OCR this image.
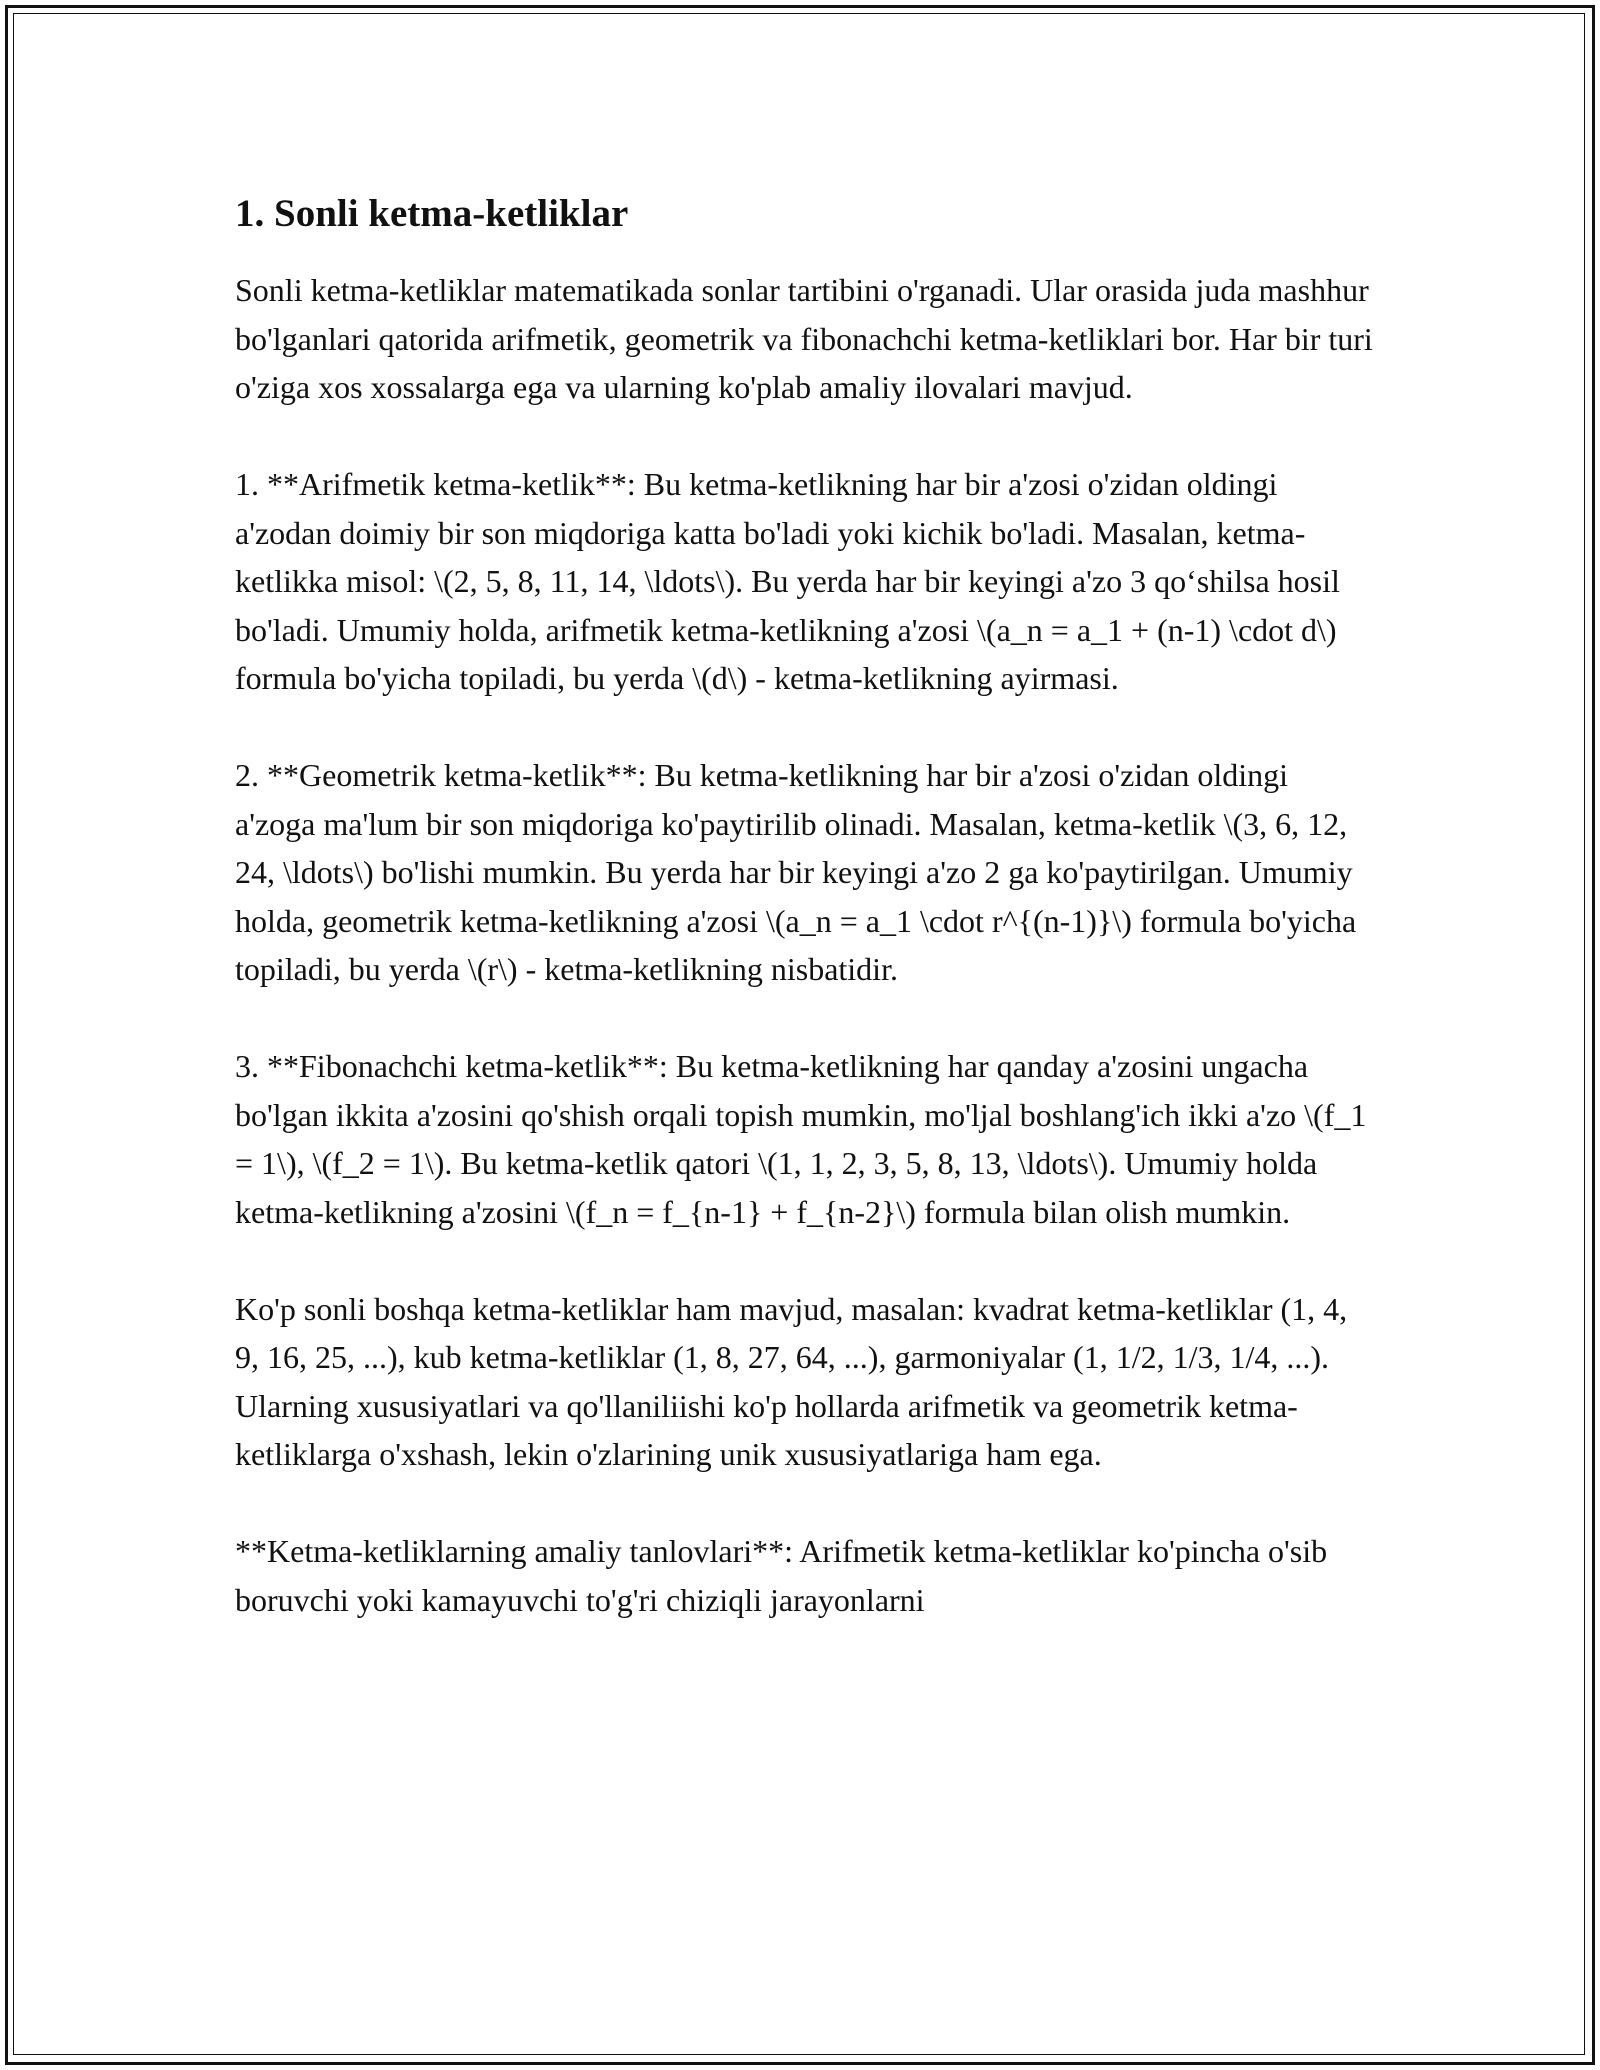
1. Sonli ketma-ketliklar

Sonli ketma-ketliklar matematikada sonlar tartibini o'rganadi. Ular orasida juda mashhur bo'lganlari qatorida arifmetik, geometrik va fibonachchi ketma-ketliklari bor. Har bir turi o'ziga xos xossalarga ega va ularning ko'plab amaliy ilovalari mavjud.

1. **Arifmetik ketma-ketlik**: Bu ketma-ketlikning har bir a'zosi o'zidan oldingi a'zodan doimiy bir son miqdoriga katta bo'ladi yoki kichik bo'ladi. Masalan, ketma-ketlikka misol: \(2, 5, 8, 11, 14, \ldots\). Bu yerda har bir keyingi a'zo 3 qo‘shilsa hosil bo'ladi. Umumiy holda, arifmetik ketma-ketlikning a'zosi \(a_n = a_1 + (n-1) \cdot d\) formula bo'yicha topiladi, bu yerda \(d\) - ketma-ketlikning ayirmasi.

2. **Geometrik ketma-ketlik**: Bu ketma-ketlikning har bir a'zosi o'zidan oldingi a'zoga ma'lum bir son miqdoriga ko'paytirilib olinadi. Masalan, ketma-ketlik \(3, 6, 12, 24, \ldots\) bo'lishi mumkin. Bu yerda har bir keyingi a'zo 2 ga ko'paytirilgan. Umumiy holda, geometrik ketma-ketlikning a'zosi \(a_n = a_1 \cdot r^{(n-1)}\) formula bo'yicha topiladi, bu yerda \(r\) - ketma-ketlikning nisbatidir.

3. **Fibonachchi ketma-ketlik**: Bu ketma-ketlikning har qanday a'zosini ungacha bo'lgan ikkita a'zosini qo'shish orqali topish mumkin, mo'ljal boshlang'ich ikki a'zo \(f_1 = 1\), \(f_2 = 1\). Bu ketma-ketlik qatori \(1, 1, 2, 3, 5, 8, 13, \ldots\). Umumiy holda ketma-ketlikning a'zosini \(f_n = f_{n-1} + f_{n-2}\) formula bilan olish mumkin.

Ko'p sonli boshqa ketma-ketliklar ham mavjud, masalan: kvadrat ketma-ketliklar (1, 4, 9, 16, 25, ...), kub ketma-ketliklar (1, 8, 27, 64, ...), garmoniyalar (1, 1/2, 1/3, 1/4, ...). Ularning xususiyatlari va qo'llaniliishi ko'p hollarda arifmetik va geometrik ketma-ketliklarga o'xshash, lekin o'zlarining unik xususiyatlariga ham ega.

**Ketma-ketliklarning amaliy tanlovlari**: Arifmetik ketma-ketliklar ko'pincha o'sib boruvchi yoki kamayuvchi to'g'ri chiziqli jarayonlarni
